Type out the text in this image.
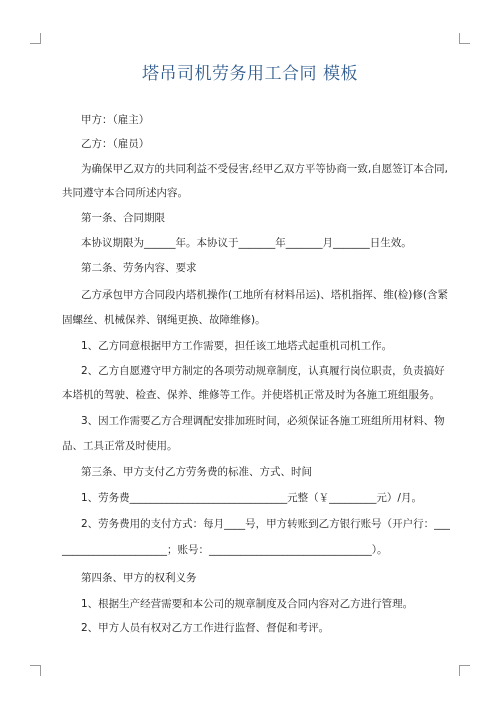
塔吊司机劳务用工合同 模板
甲方：（雇主）
乙方：（雇员）
为确保甲乙双方的共同利益不受侵害,经甲乙双方平等协商一致,自愿签订本合同,
共同遵守本合同所述内容。
第一条、合同期限
本协议期限为______年。本协议于_______年_______月_______日生效。
第二条、劳务内容、要求
乙方承包甲方合同段内塔机操作(工地所有材料吊运)、塔机指挥、维(检)修(含紧
固螺丝、机械保养、钢绳更换、故障维修)。
1、乙方同意根据甲方工作需要，担任该工地塔式起重机司机工作。
2、乙方自愿遵守甲方制定的各项劳动规章制度，认真履行岗位职责，负责搞好
本塔机的驾驶、检查、保养、维修等工作。并使塔机正常及时为各施工班组服务。
3、因工作需要乙方合理调配安排加班时间，必须保证各施工班组所用材料、物
品、工具正常及时使用。
第三条、甲方支付乙方劳务费的标准、方式、时间
1、劳务费______________________________元整（￥_________元）/月。
2、劳务费用的支付方式：每月____号，甲方转账到乙方银行账号（开户行：___
____________________；账号：_______________________________）。
第四条、甲方的权利义务
1、根据生产经营需要和本公司的规章制度及合同内容对乙方进行管理。
2、甲方人员有权对乙方工作进行监督、督促和考评。
